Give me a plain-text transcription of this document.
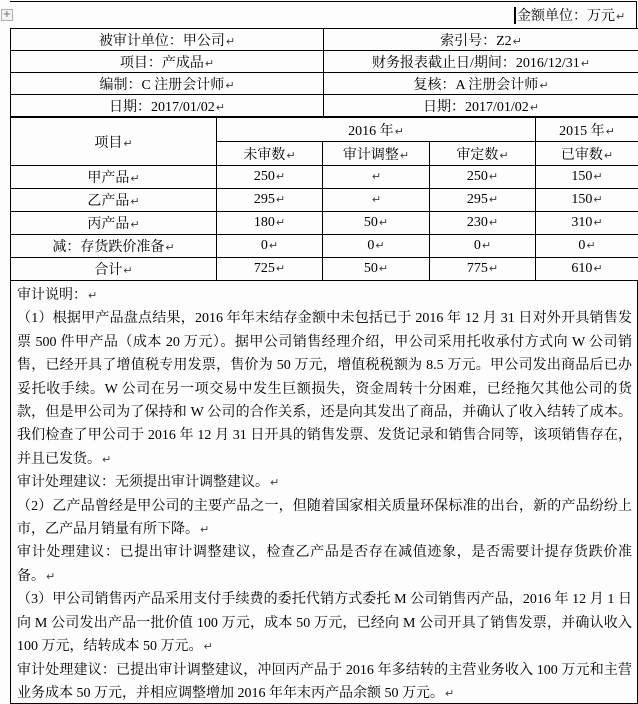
+	金额单位：万元↵
被审计单位：甲公司↵	索引号：Z2↵
项目：产成品↵	财务报表截止日/期间：2016/12/31↵
编制：C 注册会计师↵	复核：A 注册会计师↵
日期：2017/01/02↵	日期：2017/01/02↵
项目↵	2016 年↵			2015 年↵
	未审数↵	审计调整↵	审定数↵	已审数↵
甲产品↵	250↵	↵	250↵	150↵
乙产品↵	295↵	↵	295↵	150↵
丙产品↵	180↵	50↵	230↵	310↵
减：存货跌价准备↵	0↵	0↵	0↵	0↵
合计↵	725↵	50↵	775↵	610↵

审计说明：↵

（1）根据甲产品盘点结果，2016 年年末结存金额中未包括已于 2016 年 12 月 31 日对外开具销售发票 500 件甲产品（成本 20 万元）。据甲公司销售经理介绍，甲公司采用托收承付方式向 W 公司销售，已经开具了增值税专用发票，售价为 50 万元，增值税税额为 8.5 万元。甲公司发出商品后已办妥托收手续。W 公司在另一项交易中发生巨额损失，资金周转十分困难，已经拖欠其他公司的货款，但是甲公司为了保持和 W 公司的合作关系，还是向其发出了商品，并确认了收入结转了成本。我们检查了甲公司于 2016 年 12 月 31 日开具的销售发票、发货记录和销售合同等，该项销售存在，并且已发货。↵

审计处理建议：无须提出审计调整建议。↵

（2）乙产品曾经是甲公司的主要产品之一，但随着国家相关质量环保标准的出台，新的产品纷纷上市，乙产品月销量有所下降。↵

审计处理建议：已提出审计调整建议，检查乙产品是否存在减值迹象，是否需要计提存货跌价准备。↵

（3）甲公司销售丙产品采用支付手续费的委托代销方式委托 M 公司销售丙产品，2016 年 12 月 1 日向 M 公司发出产品一批价值 100 万元，成本 50 万元，已经向 M 公司开具了销售发票，并确认收入 100 万元，结转成本 50 万元。↵

审计处理建议：已提出审计调整建议，冲回丙产品于 2016 年多结转的主营业务收入 100 万元和主营业务成本 50 万元，并相应调整增加 2016 年年末丙产品余额 50 万元。↵
